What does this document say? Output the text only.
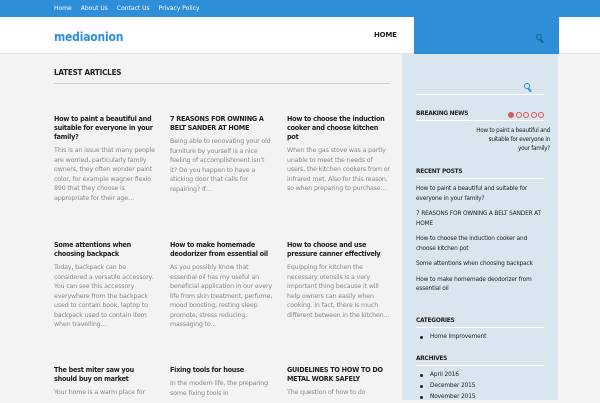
Home About Us Contact Us Privacy Policy
mediaonion	HOME
LATEST ARTICLES
How to paint a beautiful and suitable for everyone in your family?

This is an issue that many people are worried, particularly family owners, they often wonder paint color, for example wagner flexio 890 that they choose is appropriate for their age…

7 REASONS FOR OWNING A BELT SANDER AT HOME

Being able to renovating your old furniture by yourself is a nice feeling of accomplishment isn’t it? Do you happen to have a sticking door that calls for repairing? If…

How to choose the induction cooker and choose kitchen pot

When the gas stove was a partly unable to meet the needs of users, the kitchen cookers from or infrared met. Also for this reason, so when preparing to purchase…

Some attentions when choosing backpack

Today, backpack can be considered a versatile accessory. You can see this accessory everywhere from the backpack used to contain book, laptop to backpack used to contain item when travelling…

How to make homemade deodorizer from essential oil

As you possibly know that essential oil has my useful an beneficial application in our every life from skin treatment, perfume, mood boosting, resting sleep promote, stress reducing, massaging to…

How to choose and use pressure canner effectively

Equipping for kitchen the necessary utensils is a very important thing because it will help owners can easily when cooking. In fact, there is much different between in the kitchen…

The best miter saw you should buy on market

Your home is a warm place for

Fixing tools for house

In the modern life, the preparing some fixing tools in

GUIDELINES TO HOW TO DO METAL WORK SAFELY

The question of how to do

BREAKING NEWS
How to paint a beautiful and suitable for everyone in your family?
RECENT POSTS
How to paint a beautiful and suitable for everyone in your family?
7 REASONS FOR OWNING A BELT SANDER AT HOME
How to choose the induction cooker and choose kitchen pot
Some attentions when choosing backpack
How to make homemade deodorizer from essential oil
CATEGORIES
Home Improvement
ARCHIVES
April 2016
December 2015
November 2015
